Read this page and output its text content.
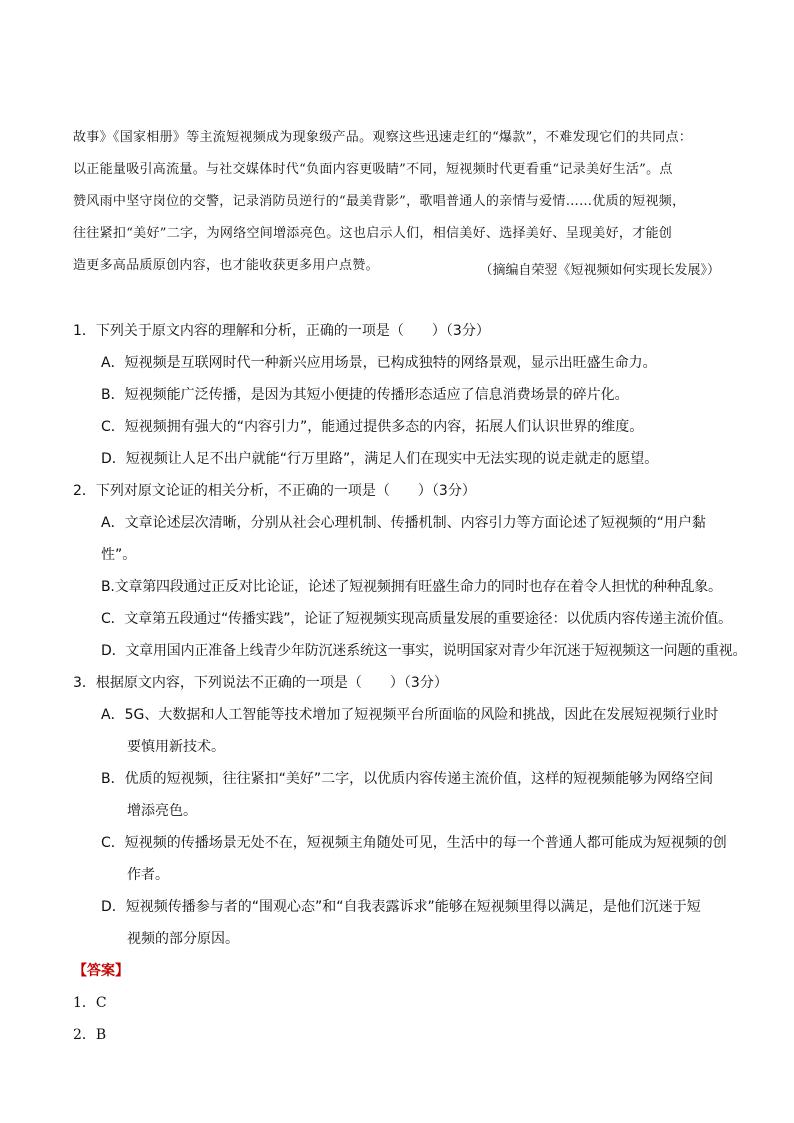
故事》《国家相册》等主流短视频成为现象级产品。观察这些迅速走红的“爆款”，不难发现它们的共同点：
以正能量吸引高流量。与社交媒体时代“负面内容更吸睛”不同，短视频时代更看重“记录美好生活”。点
赞风雨中坚守岗位的交警，记录消防员逆行的“最美背影”，歌唱普通人的亲情与爱情……优质的短视频，
往往紧扣“美好”二字，为网络空间增添亮色。这也启示人们，相信美好、选择美好、呈现美好，才能创
造更多高品质原创内容，也才能收获更多用户点赞。	（摘编自荣翌《短视频如何实现长发展》）
1．下列关于原文内容的理解和分析，正确的一项是（　　）（3分）
A．短视频是互联网时代一种新兴应用场景，已构成独特的网络景观，显示出旺盛生命力。
B．短视频能广泛传播，是因为其短小便捷的传播形态适应了信息消费场景的碎片化。
C．短视频拥有强大的“内容引力”，能通过提供多态的内容，拓展人们认识世界的维度。
D．短视频让人足不出户就能“行万里路”，满足人们在现实中无法实现的说走就走的愿望。
2．下列对原文论证的相关分析，不正确的一项是（　　）（3分）
A．文章论述层次清晰，分别从社会心理机制、传播机制、内容引力等方面论述了短视频的“用户黏
性”。
B.文章第四段通过正反对比论证，论述了短视频拥有旺盛生命力的同时也存在着令人担忧的种种乱象。
C．文章第五段通过“传播实践”，论证了短视频实现高质量发展的重要途径：以优质内容传递主流价值。
D．文章用国内正准备上线青少年防沉迷系统这一事实，说明国家对青少年沉迷于短视频这一问题的重视。
3．根据原文内容，下列说法不正确的一项是（　　）（3分）
A．5G、大数据和人工智能等技术增加了短视频平台所面临的风险和挑战，因此在发展短视频行业时
要慎用新技术。
B．优质的短视频，往往紧扣“美好”二字，以优质内容传递主流价值，这样的短视频能够为网络空间
增添亮色。
C．短视频的传播场景无处不在，短视频主角随处可见，生活中的每一个普通人都可能成为短视频的创
作者。
D．短视频传播参与者的“围观心态”和“自我表露诉求”能够在短视频里得以满足，是他们沉迷于短
视频的部分原因。
【答案】
1．C
2．B
